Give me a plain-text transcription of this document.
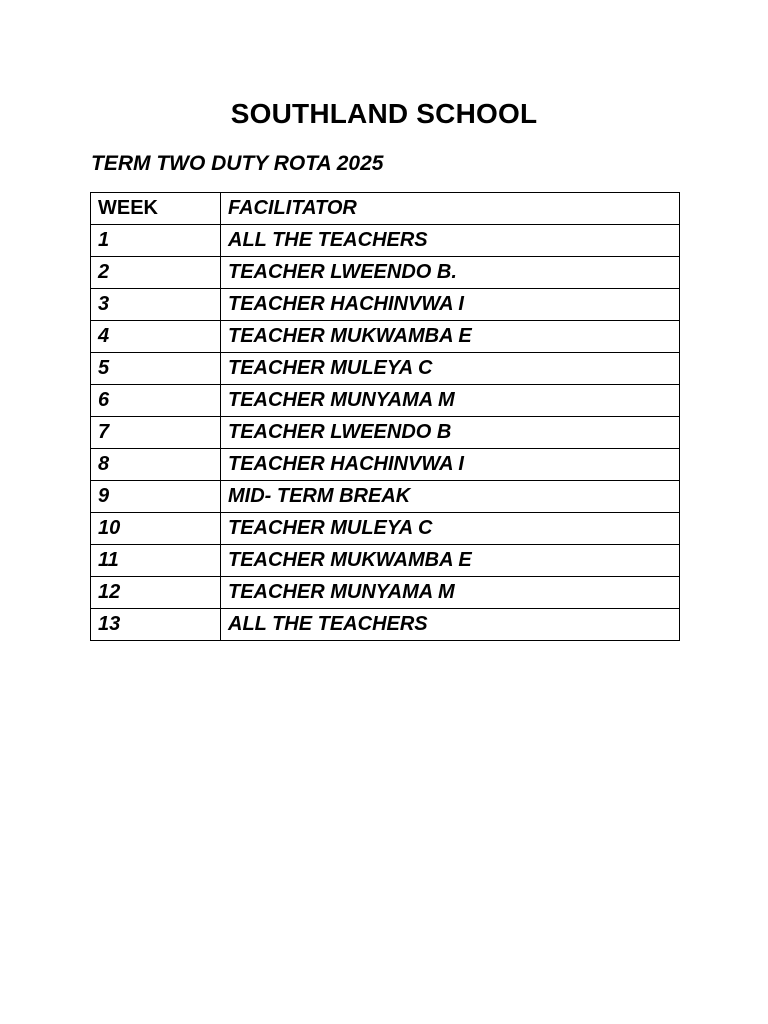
SOUTHLAND SCHOOL
TERM TWO DUTY ROTA 2025
WEEK	FACILITATOR
1	ALL THE TEACHERS
2	TEACHER LWEENDO B.
3	TEACHER HACHINVWA I
4	TEACHER MUKWAMBA E
5	TEACHER MULEYA C
6	TEACHER MUNYAMA M
7	TEACHER LWEENDO B
8	TEACHER HACHINVWA I
9	MID- TERM BREAK
10	TEACHER MULEYA C
11	TEACHER MUKWAMBA E
12	TEACHER MUNYAMA M
13	ALL THE TEACHERS
